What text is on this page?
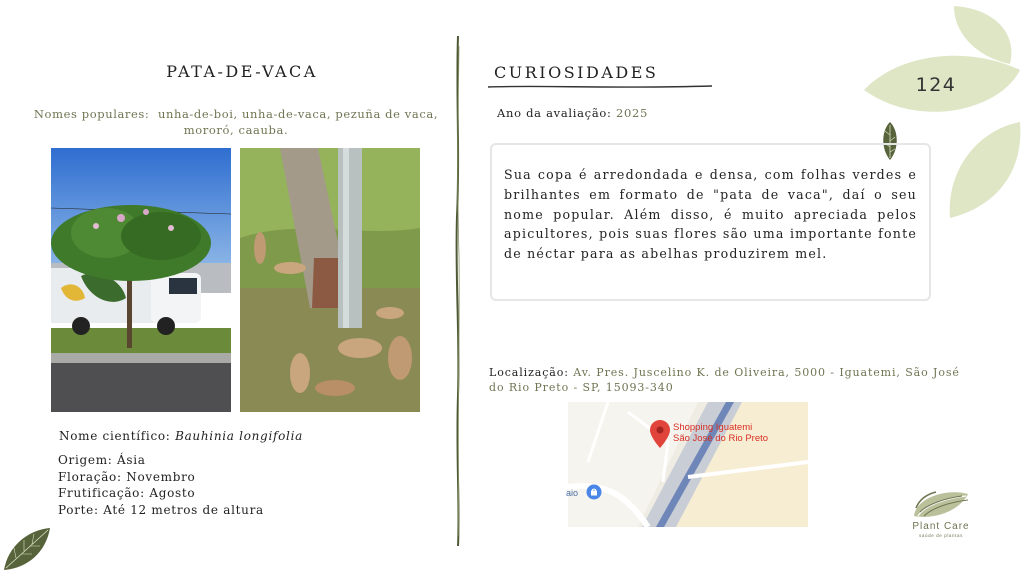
124
PATA-DE-VACA
Nomes populares: unha-de-boi, unha-de-vaca, pezuña de vaca, mororó, caauba.
Nome científico: Bauhinia longifolia
Origem: Ásia
Floração: Novembro
Frutificação: Agosto
Porte: Até 12 metros de altura
CURIOSIDADES
Ano da avaliação: 2025

Sua copa é arredondada e densa, com folhas verdes e brilhantes em formato de "pata de vaca", daí o seu nome popular. Além disso, é muito apreciada pelos apicultores, pois suas flores são uma importante fonte de néctar para as abelhas produzirem mel.

Localização: Av. Pres. Juscelino K. de Oliveira, 5000 - Iguatemi, São José do Rio Preto - SP, 15093-340
Shopping Iguatemi
São José do Rio Preto
aio
Plant Care
saúde de plantas
